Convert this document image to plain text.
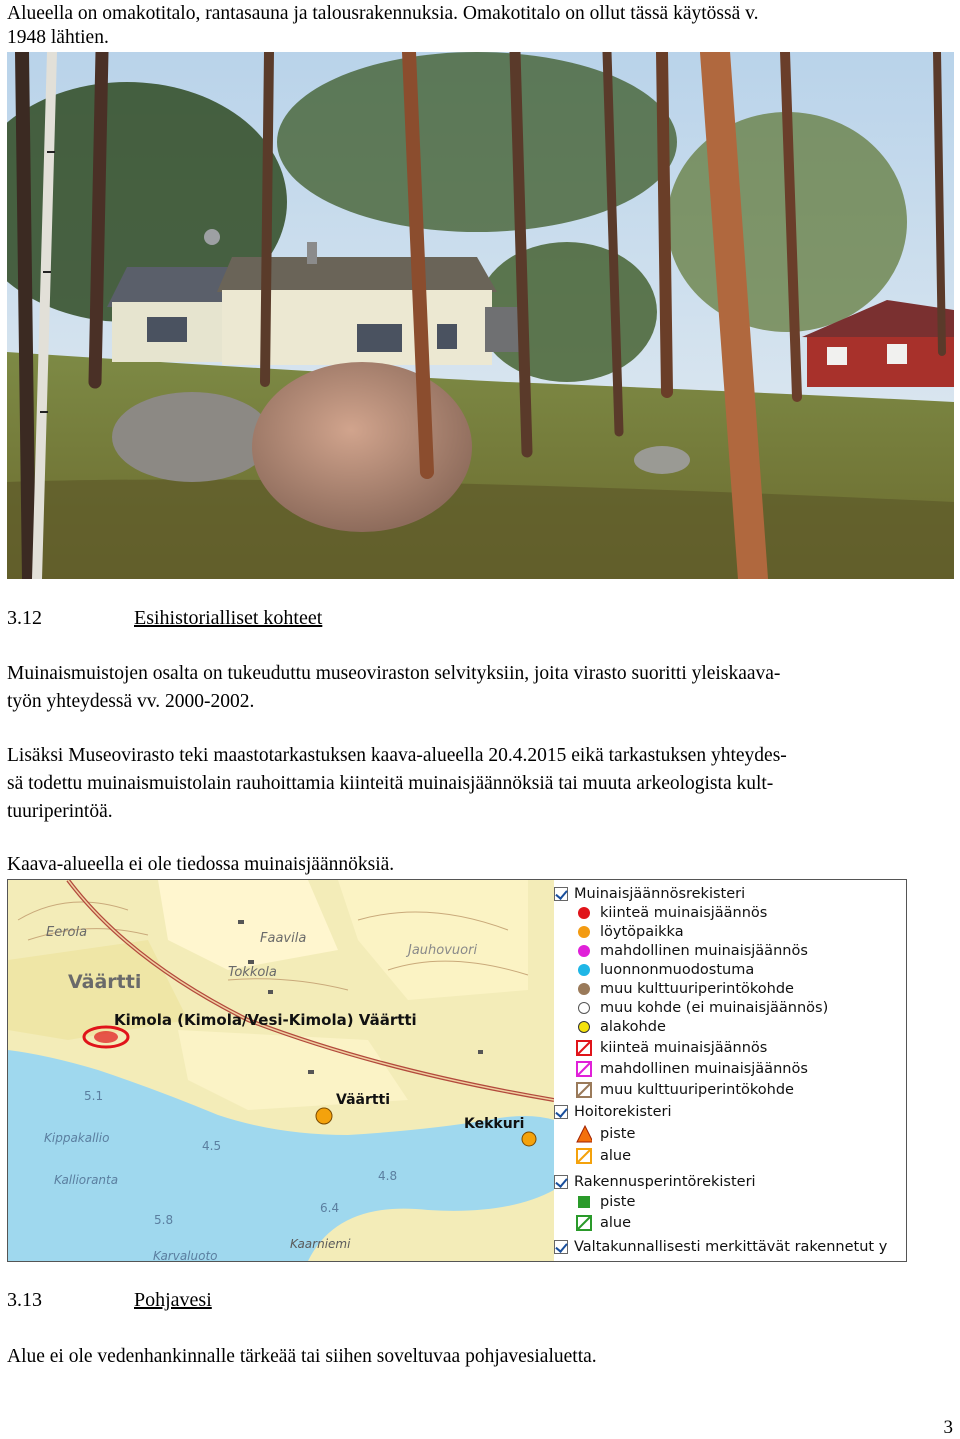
Alueella on omakotitalo, rantasauna ja talousrakennuksia. Omakotitalo on ollut tässä käytössä v.
1948 lähtien.
3.12	Esihistorialliset kohteet
Muinaismuistojen osalta on tukeuduttu museoviraston selvityksiin, joita virasto suoritti yleiskaava-
työn yhteydessä vv. 2000-2002.
Lisäksi Museovirasto teki maastotarkastuksen kaava-alueella 20.4.2015 eikä tarkastuksen yhteydes-
sä todettu muinaismuistolain rauhoittamia kiinteitä muinaisjäännöksiä tai muuta arkeologista kult-
tuuriperintöä.
Kaava-alueella ei ole tiedossa muinaisjäännöksiä.
Eerola	Faavila
Tokkola
Jauhovuori
Väärtti
Kimola (Kimola/Vesi-Kimola) Väärtti
Väärtti
Kekkuri
Kippakallio
Kallioranta
Kaarniemi
Karvaluoto
5.1
4.5
4.8
6.4
5.8
Muinaisjäännösrekisteri
kiinteä muinaisjäännös
löytöpaikka
mahdollinen muinaisjäännös
luonnonmuodostuma
muu kulttuuriperintökohde
muu kohde (ei muinaisjäännös)
alakohde
kiinteä muinaisjäännös
mahdollinen muinaisjäännös
muu kulttuuriperintökohde
Hoitorekisteri
piste
alue
Rakennusperintörekisteri
piste
alue
Valtakunnallisesti merkittävät rakennetut y
3.13	Pohjavesi
Alue ei ole vedenhankinnalle tärkeää tai siihen soveltuvaa pohjavesialuetta.
3
